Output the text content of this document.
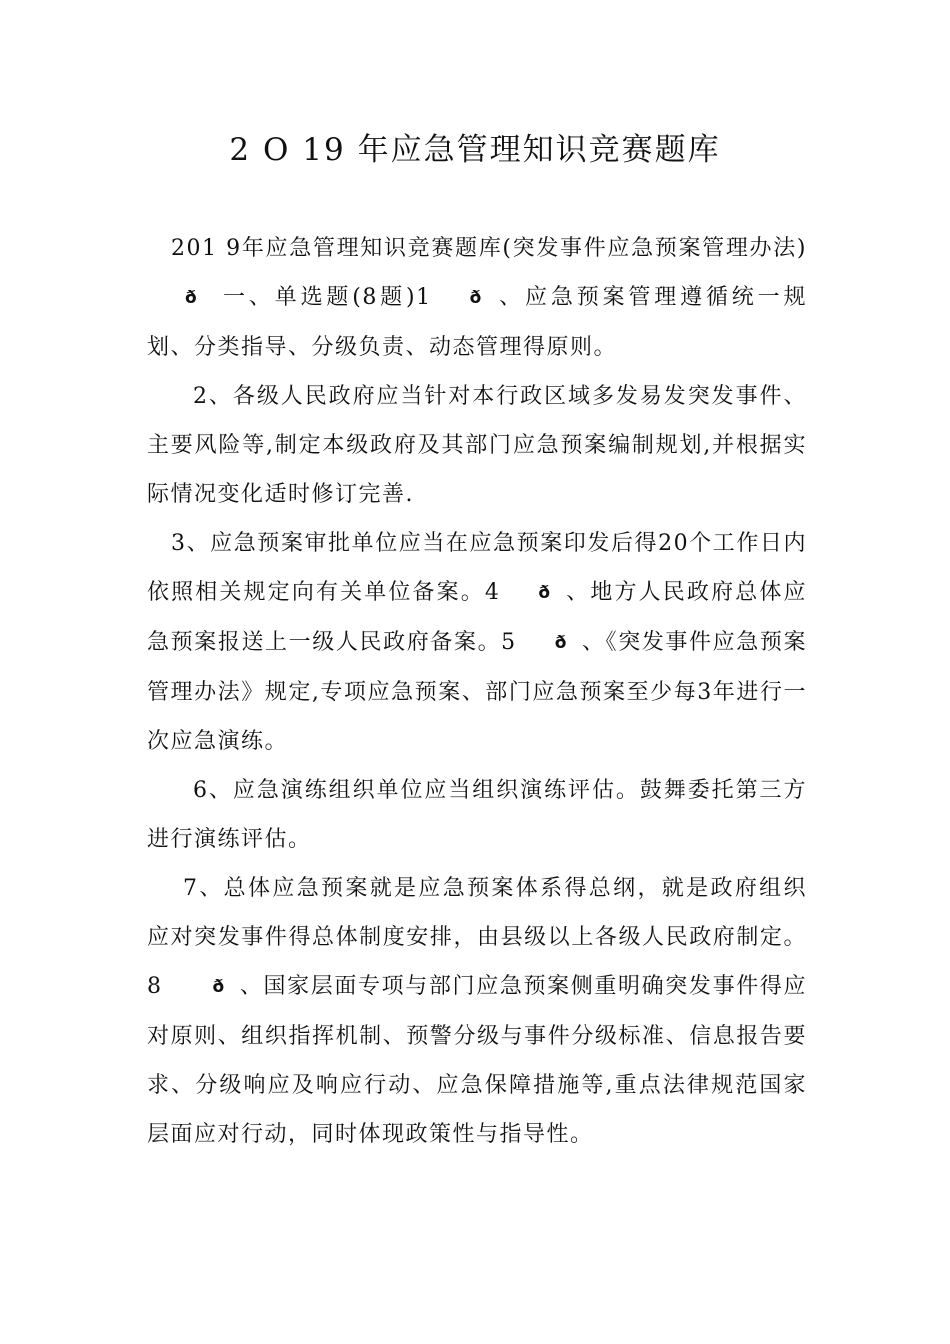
2 O 19 年应急管理知识竞赛题库

201 9年应急管理知识竞赛题库(突发事件应急预案管理办法)ð 一、单选题(8题)1 ð 、应急预案管理遵循统一规划、分类指导、分级负责、动态管理得原则。

2、各级人民政府应当针对本行政区域多发易发突发事件、主要风险等,制定本级政府及其部门应急预案编制规划,并根据实际情况变化适时修订完善.

3、应急预案审批单位应当在应急预案印发后得20个工作日内依照相关规定向有关单位备案。4 ð 、地方人民政府总体应急预案报送上一级人民政府备案。5 ð 、《突发事件应急预案管理办法》规定,专项应急预案、部门应急预案至少每3年进行一次应急演练。

6、应急演练组织单位应当组织演练评估。鼓舞委托第三方进行演练评估。

7、总体应急预案就是应急预案体系得总纲，就是政府组织应对突发事件得总体制度安排，由县级以上各级人民政府制定。8	ð 、国家层面专项与部门应急预案侧重明确突发事件得应对原则、组织指挥机制、预警分级与事件分级标准、信息报告要求、分级响应及响应行动、应急保障措施等,重点法律规范国家层面应对行动，同时体现政策性与指导性。
